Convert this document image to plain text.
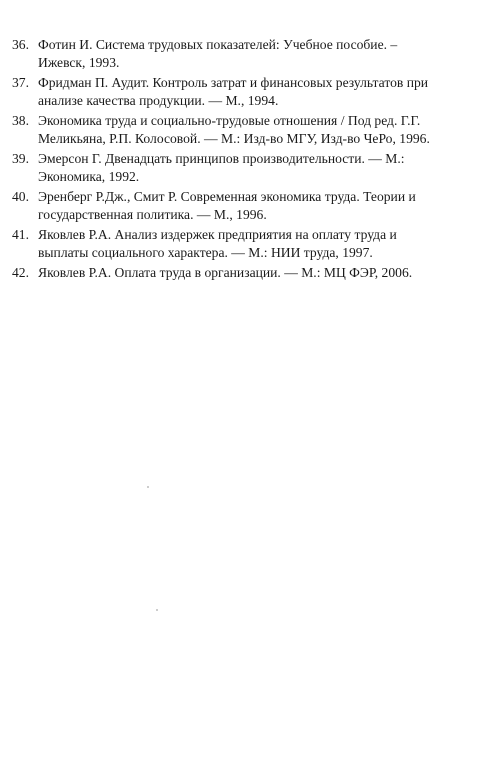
36. Фотин И. Система трудовых показателей: Учебное пособие. – Ижевск, 1993.
37. Фридман П. Аудит. Контроль затрат и финансовых результатов при анализе качества продукции. — М., 1994.
38. Экономика труда и социально-трудовые отношения / Под ред. Г.Г. Меликьяна, Р.П. Колосовой. — М.: Изд-во МГУ, Изд-во ЧеРо, 1996.
39. Эмерсон Г. Двенадцать принципов производительности. — М.: Экономика, 1992.
40. Эренберг Р.Дж., Смит Р. Современная экономика труда. Теории и государственная политика. — М., 1996.
41. Яковлев Р.А. Анализ издержек предприятия на оплату труда и выплаты социального характера. — М.: НИИ труда, 1997.
42. Яковлев Р.А. Оплата труда в организации. — М.: МЦ ФЭР, 2006.
